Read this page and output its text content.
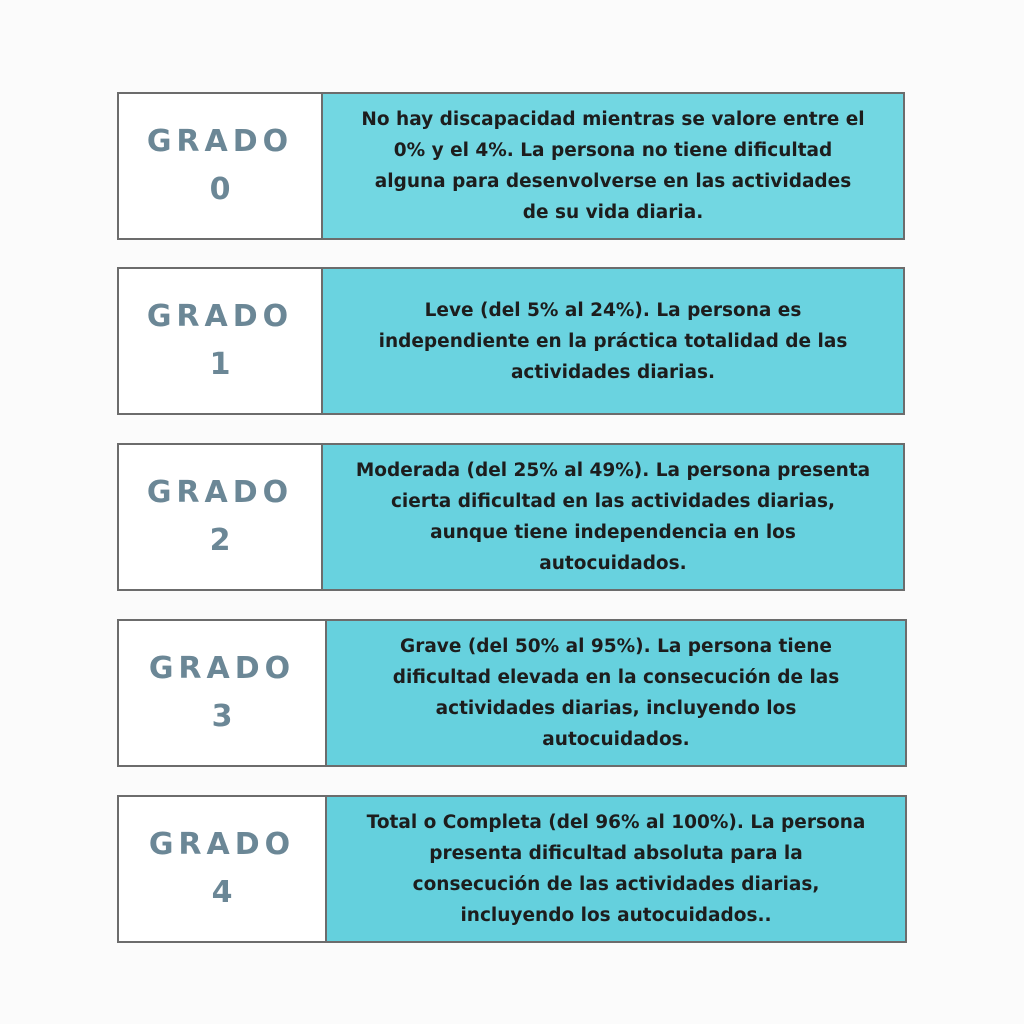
GRADO
0
No hay discapacidad mientras se valore entre el
0% y el 4%. La persona no tiene dificultad
alguna para desenvolverse en las actividades
de su vida diaria.
GRADO
1
Leve (del 5% al 24%). La persona es
independiente en la práctica totalidad de las
actividades diarias.
GRADO
2
Moderada (del 25% al 49%). La persona presenta
cierta dificultad en las actividades diarias,
aunque tiene independencia en los
autocuidados.
GRADO
3
Grave (del 50% al 95%). La persona tiene
dificultad elevada en la consecución de las
actividades diarias, incluyendo los
autocuidados.
GRADO
4
Total o Completa (del 96% al 100%). La persona
presenta dificultad absoluta para la
consecución de las actividades diarias,
incluyendo los autocuidados..
